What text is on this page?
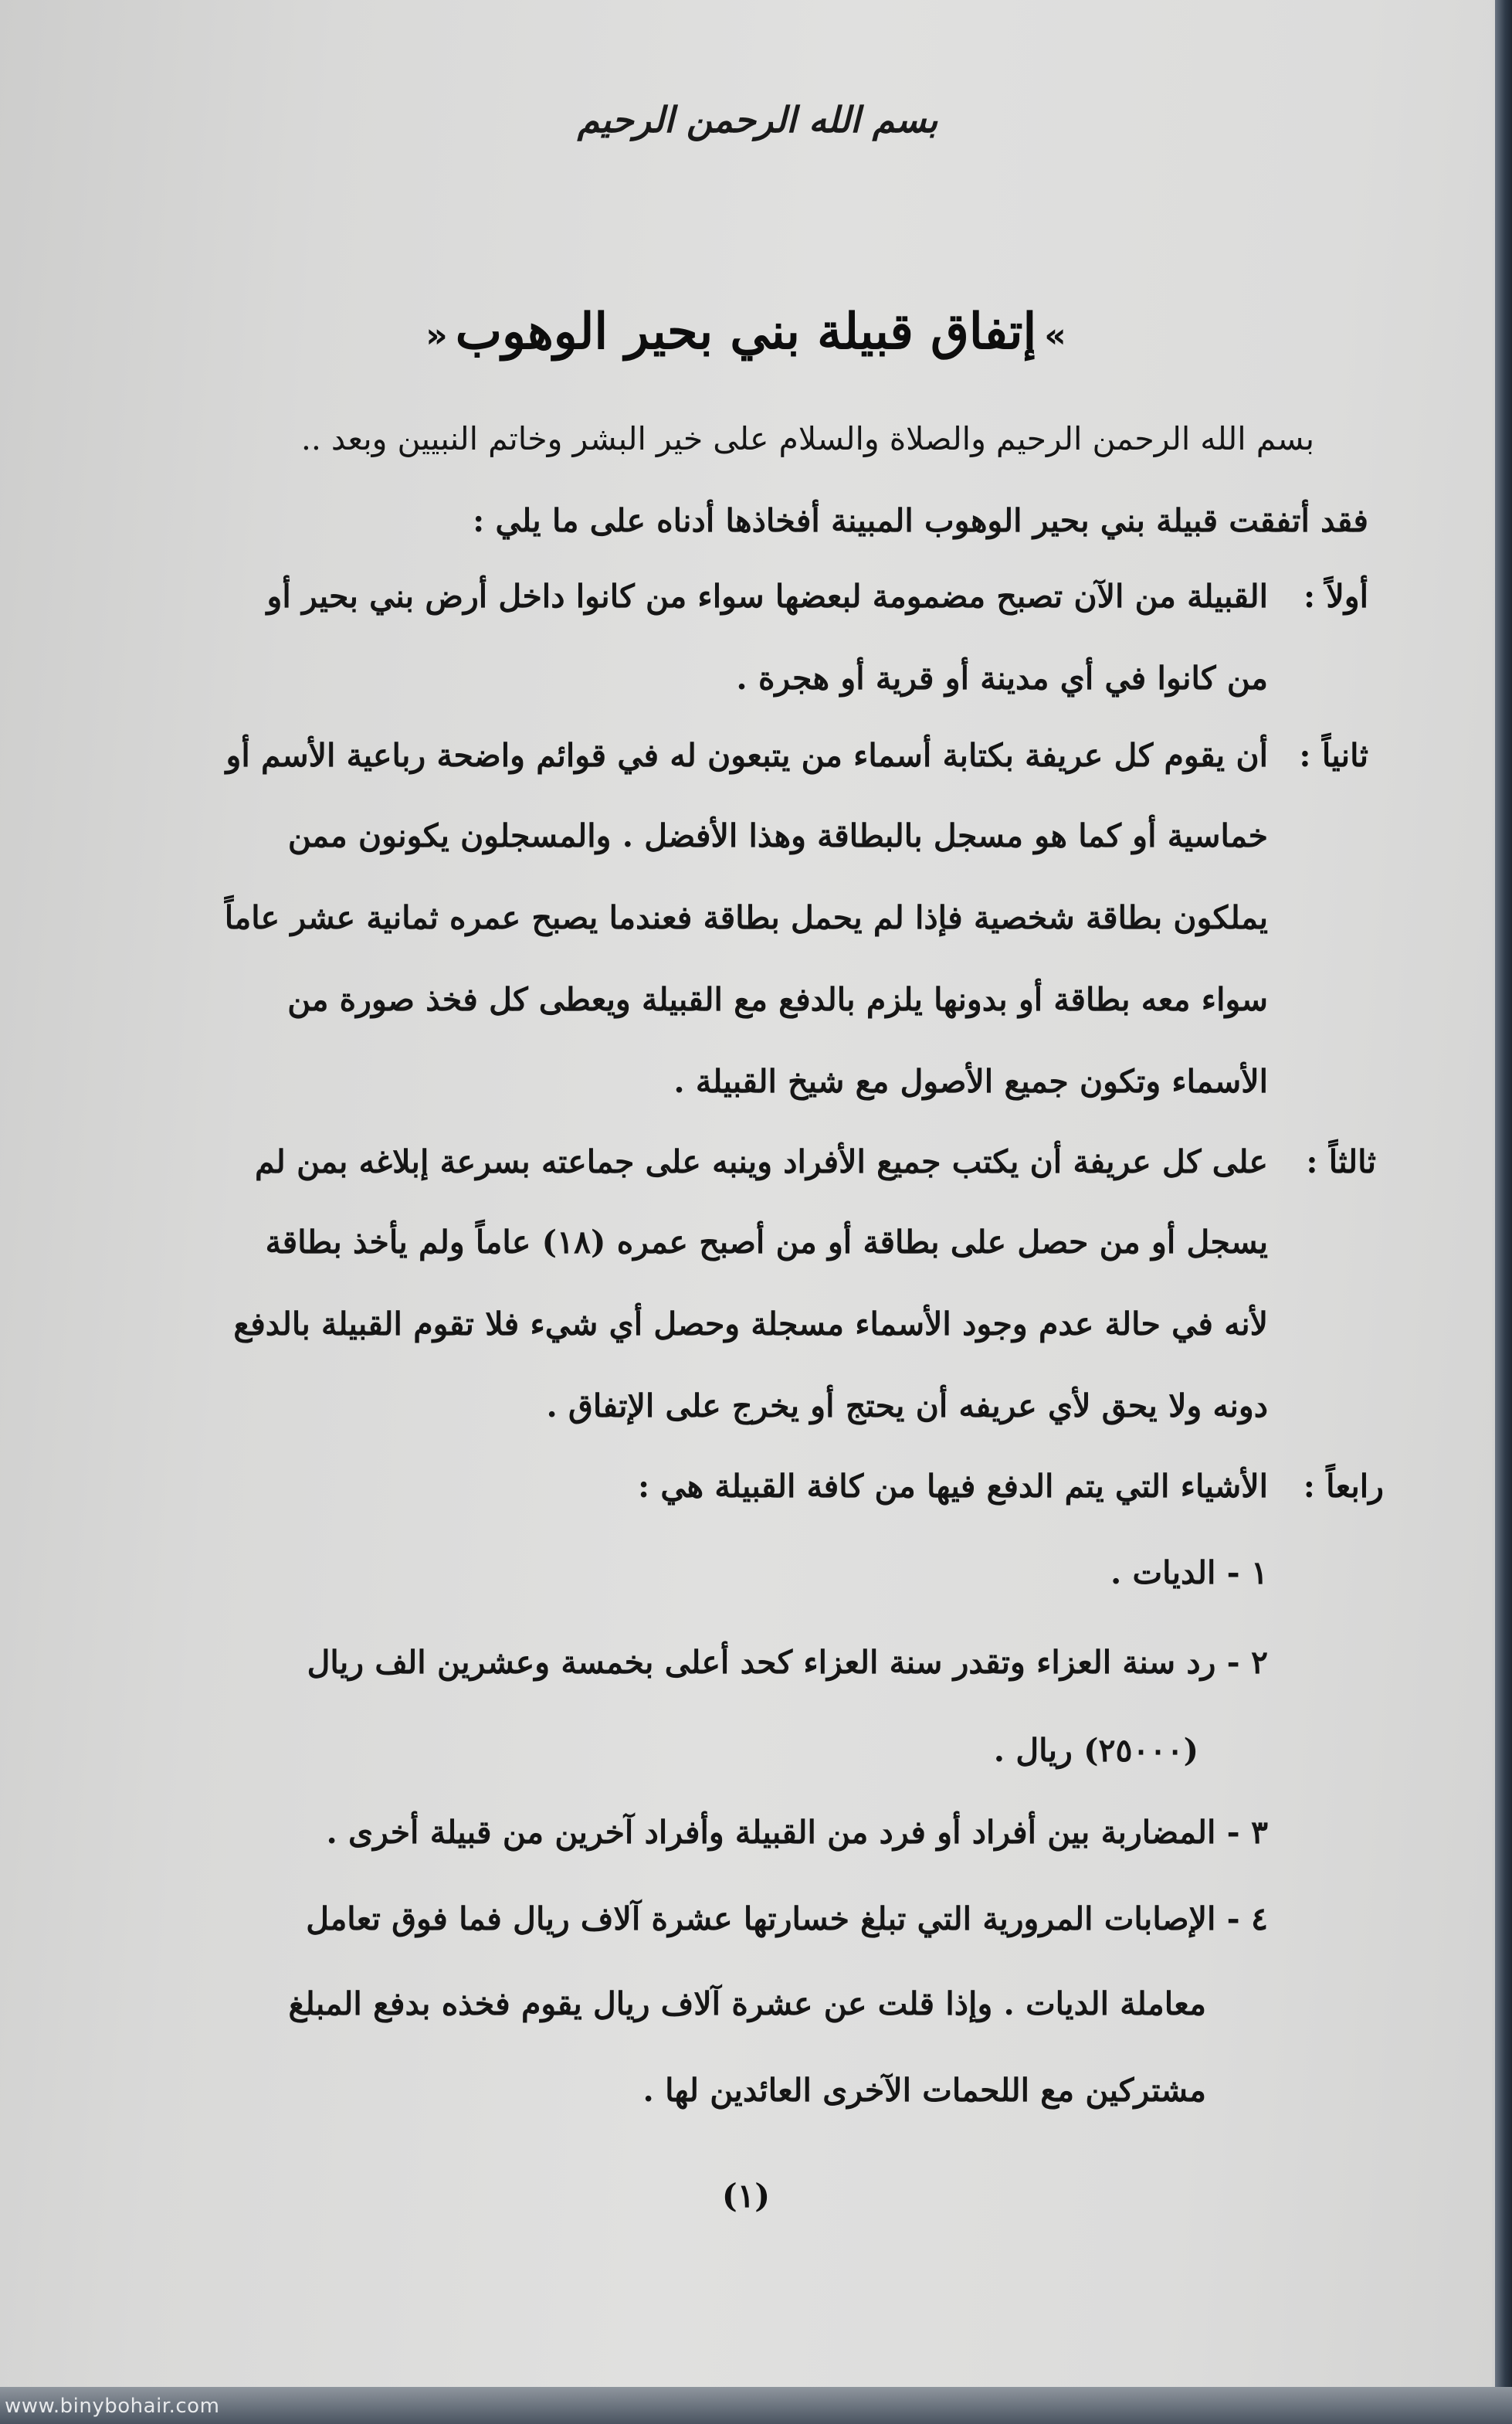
بسم الله الرحمن الرحيم
»إتفاق قبيلة بني بحير الوهوب«
بسم الله الرحمن الرحيم والصلاة والسلام على خير البشر وخاتم النبيين وبعد ..
فقد أتفقت قبيلة بني بحير الوهوب المبينة أفخاذها أدناه على ما يلي :
أولاً :
القبيلة من الآن تصبح مضمومة لبعضها سواء من كانوا داخل أرض بني بحير أو
من كانوا في أي مدينة أو قرية أو هجرة .
ثانياً :
أن يقوم كل عريفة بكتابة أسماء من يتبعون له في قوائم واضحة رباعية الأسم أو
خماسية أو كما هو مسجل بالبطاقة وهذا الأفضل . والمسجلون يكونون ممن
يملكون بطاقة شخصية فإذا لم يحمل بطاقة فعندما يصبح عمره ثمانية عشر عاماً
سواء معه بطاقة أو بدونها يلزم بالدفع مع القبيلة ويعطى كل فخذ صورة من
الأسماء وتكون جميع الأصول مع شيخ القبيلة .
ثالثاً :
على كل عريفة أن يكتب جميع الأفراد وينبه على جماعته بسرعة إبلاغه بمن لم
يسجل أو من حصل على بطاقة أو من أصبح عمره (١٨) عاماً ولم يأخذ بطاقة
لأنه في حالة عدم وجود الأسماء مسجلة وحصل أي شيء فلا تقوم القبيلة بالدفع
دونه ولا يحق لأي عريفه أن يحتج أو يخرج على الإتفاق .
رابعاً :
الأشياء التي يتم الدفع فيها من كافة القبيلة هي :
١ - الديات .
٢ - رد سنة العزاء وتقدر سنة العزاء كحد أعلى بخمسة وعشرين الف ريال
(٢٥٠٠٠) ريال .
٣ - المضاربة بين أفراد أو فرد من القبيلة وأفراد آخرين من قبيلة أخرى .
٤ - الإصابات المرورية التي تبلغ خسارتها عشرة آلاف ريال فما فوق تعامل
معاملة الديات . وإذا قلت عن عشرة آلاف ريال يقوم فخذه بدفع المبلغ
مشتركين مع اللحمات الآخرى العائدين لها .
(١)
www.binybohair.com
